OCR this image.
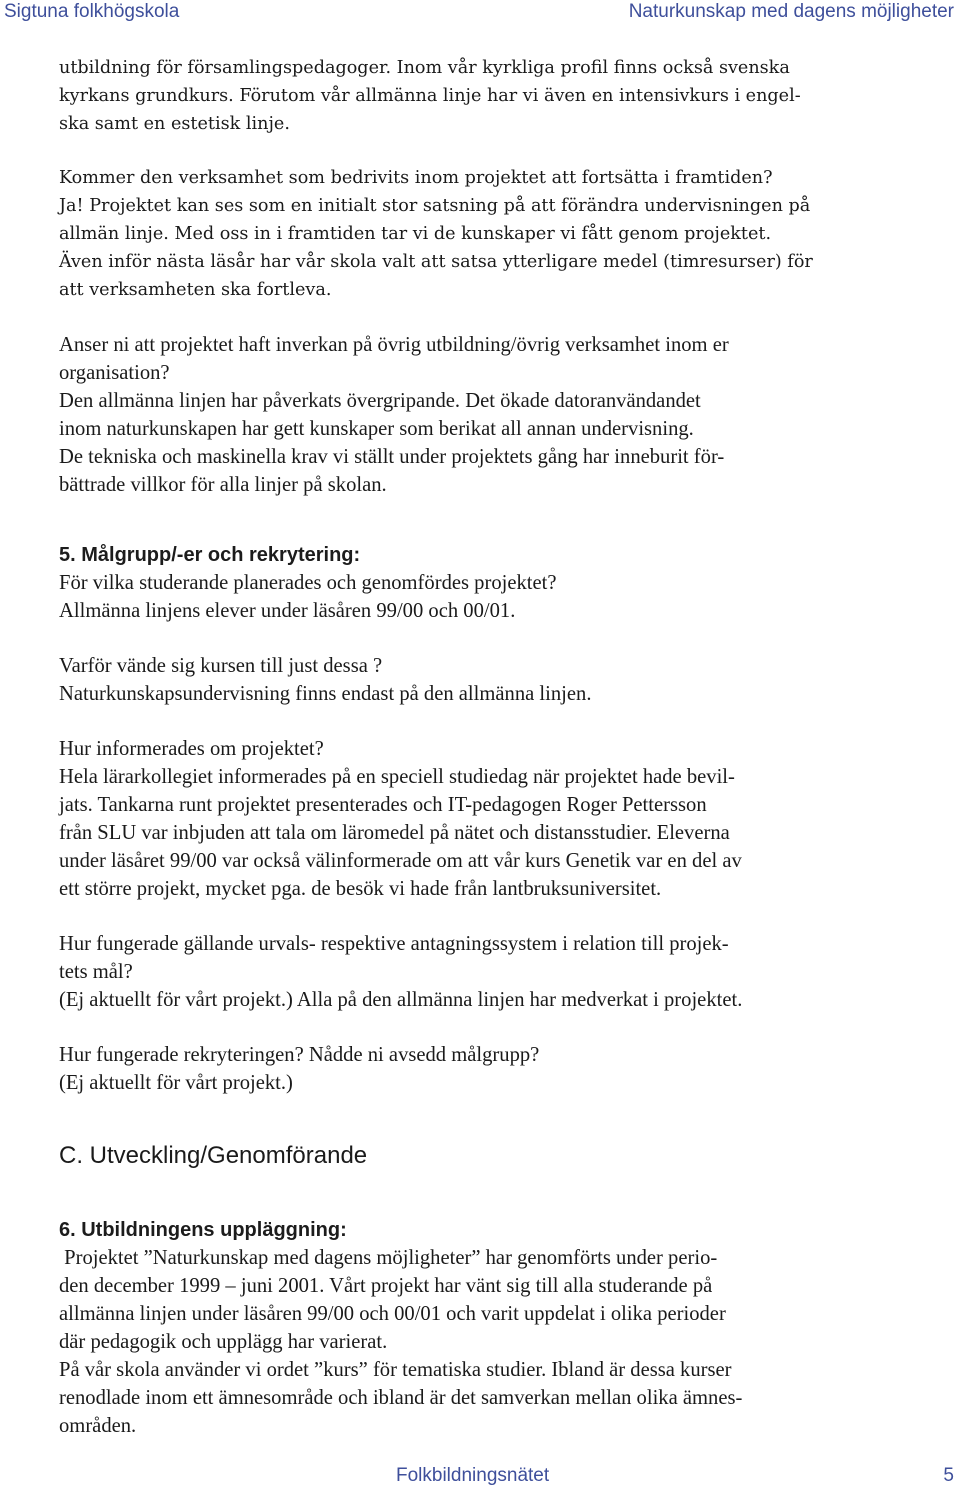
Sigtuna folkhögskola	Naturkunskap med dagens möjligheter
utbildning för församlingspedagoger. Inom vår kyrkliga profil finns också svenska
kyrkans grundkurs. Förutom vår allmänna linje har vi även en intensivkurs i engel-
ska samt en estetisk linje.
Kommer den verksamhet som bedrivits inom projektet att fortsätta i framtiden?
Ja! Projektet kan ses som en initialt stor satsning på att förändra undervisningen på
allmän linje. Med oss in i framtiden tar vi de kunskaper vi fått genom projektet.
Även inför nästa läsår har vår skola valt att satsa ytterligare medel (timresurser) för
att verksamheten ska fortleva.
Anser ni att projektet haft inverkan på övrig utbildning/övrig verksamhet inom er
organisation?
Den allmänna linjen har påverkats övergripande. Det ökade datoranvändandet
inom naturkunskapen har gett kunskaper som berikat all annan undervisning.
De tekniska och maskinella krav vi ställt under projektets gång har inneburit för-
bättrade villkor för alla linjer på skolan.
5. Målgrupp/-er och rekrytering:
För vilka studerande planerades och genomfördes projektet?
Allmänna linjens elever under läsåren 99/00 och 00/01.
Varför vände sig kursen till just dessa ?
Naturkunskapsundervisning finns endast på den allmänna linjen.
Hur informerades om projektet?
Hela lärarkollegiet informerades på en speciell studiedag när projektet hade bevil-
jats. Tankarna runt projektet presenterades och IT-pedagogen Roger Pettersson
från SLU var inbjuden att tala om läromedel på nätet och distansstudier. Eleverna
under läsåret 99/00 var också välinformerade om att vår kurs Genetik var en del av
ett större projekt, mycket pga. de besök vi hade från lantbruksuniversitet.
Hur fungerade gällande urvals- respektive antagningssystem i relation till projek-
tets mål?
(Ej aktuellt för vårt projekt.) Alla på den allmänna linjen har medverkat i projektet.
Hur fungerade rekryteringen? Nådde ni avsedd målgrupp?
(Ej aktuellt för vårt projekt.)
C. Utveckling/Genomförande
6. Utbildningens uppläggning:
Projektet ”Naturkunskap med dagens möjligheter” har genomförts under perio-
den december 1999 – juni 2001. Vårt projekt har vänt sig till alla studerande på
allmänna linjen under läsåren 99/00 och 00/01 och varit uppdelat i olika perioder
där pedagogik och upplägg har varierat.
På vår skola använder vi ordet ”kurs” för tematiska studier. Ibland är dessa kurser
renodlade inom ett ämnesområde och ibland är det samverkan mellan olika ämnes-
områden.
Folkbildningsnätet	5
